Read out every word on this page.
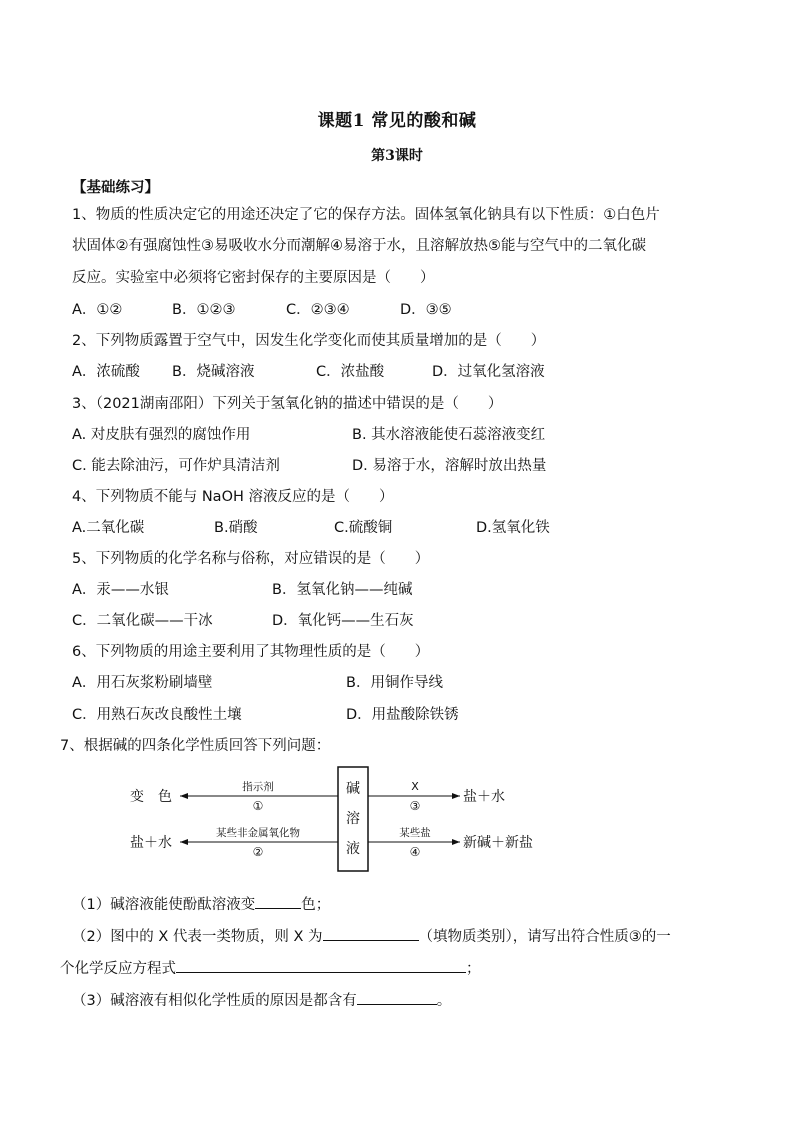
课题1 常见的酸和碱
第3课时
【基础练习】
1、物质的性质决定它的用途还决定了它的保存方法。固体氢氧化钠具有以下性质：①白色片
状固体②有强腐蚀性③易吸收水分而潮解④易溶于水，且溶解放热⑤能与空气中的二氧化碳
反应。实验室中必须将它密封保存的主要原因是（　　）
A．①②	B．①②③	C．②③④	D．③⑤
2、下列物质露置于空气中，因发生化学变化而使其质量增加的是（　　）
A．浓硫酸 B．烧碱溶液	C．浓盐酸	D．过氧化氢溶液
3、（2021湖南邵阳）下列关于氢氧化钠的描述中错误的是（　　）
A. 对皮肤有强烈的腐蚀作用	B. 其水溶液能使石蕊溶液变红
C. 能去除油污，可作炉具清洁剂	D. 易溶于水，溶解时放出热量
4、下列物质不能与 NaOH 溶液反应的是（　　）
A.二氧化碳	B.硝酸	C.硫酸铜	D.氢氧化铁
5、下列物质的化学名称与俗称，对应错误的是（　　）
A．汞——水银	B．氢氧化钠——纯碱
C．二氧化碳——干冰	D．氧化钙——生石灰
6、下列物质的用途主要利用了其物理性质的是（　　）
A．用石灰浆粉刷墙壁	B．用铜作导线
C．用熟石灰改良酸性土壤	D．用盐酸除铁锈
7、根据碱的四条化学性质回答下列问题：
碱
溶
液
变　色
指示剂
①
盐＋水
某些非金属氧化物
②
X
③
盐＋水
某些盐
④
新碱＋新盐
（1）碱溶液能使酚酞溶液变	色；
（2）图中的 X 代表一类物质，则 X 为	（填物质类别），请写出符合性质③的一
个化学反应方程式	；
（3）碱溶液有相似化学性质的原因是都含有	。
